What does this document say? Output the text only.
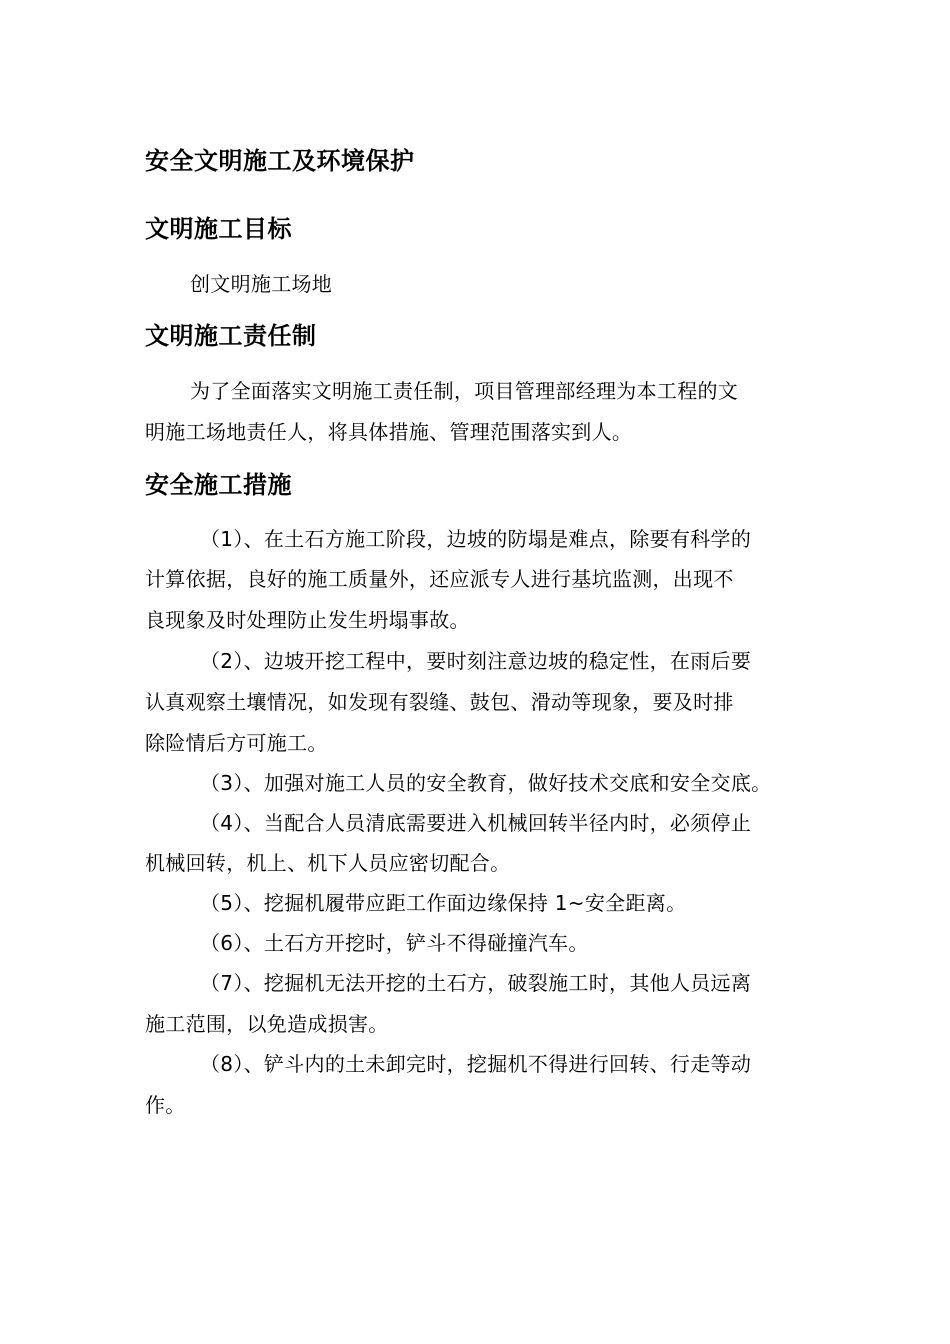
安全文明施工及环境保护
文明施工目标
创文明施工场地
文明施工责任制
为了全面落实文明施工责任制，项目管理部经理为本工程的文
明施工场地责任人，将具体措施、管理范围落实到人。
安全施工措施
（1）、在土石方施工阶段，边坡的防塌是难点，除要有科学的
计算依据，良好的施工质量外，还应派专人进行基坑监测，出现不
良现象及时处理防止发生坍塌事故。
（2）、边坡开挖工程中，要时刻注意边坡的稳定性，在雨后要
认真观察土壤情况，如发现有裂缝、鼓包、滑动等现象，要及时排
除险情后方可施工。
（3）、加强对施工人员的安全教育，做好技术交底和安全交底。
（4）、当配合人员清底需要进入机械回转半径内时，必须停止
机械回转，机上、机下人员应密切配合。
（5）、挖掘机履带应距工作面边缘保持 1~安全距离。
（6）、土石方开挖时，铲斗不得碰撞汽车。
（7）、挖掘机无法开挖的土石方，破裂施工时，其他人员远离
施工范围，以免造成损害。
（8）、铲斗内的土未卸完时，挖掘机不得进行回转、行走等动
作。
